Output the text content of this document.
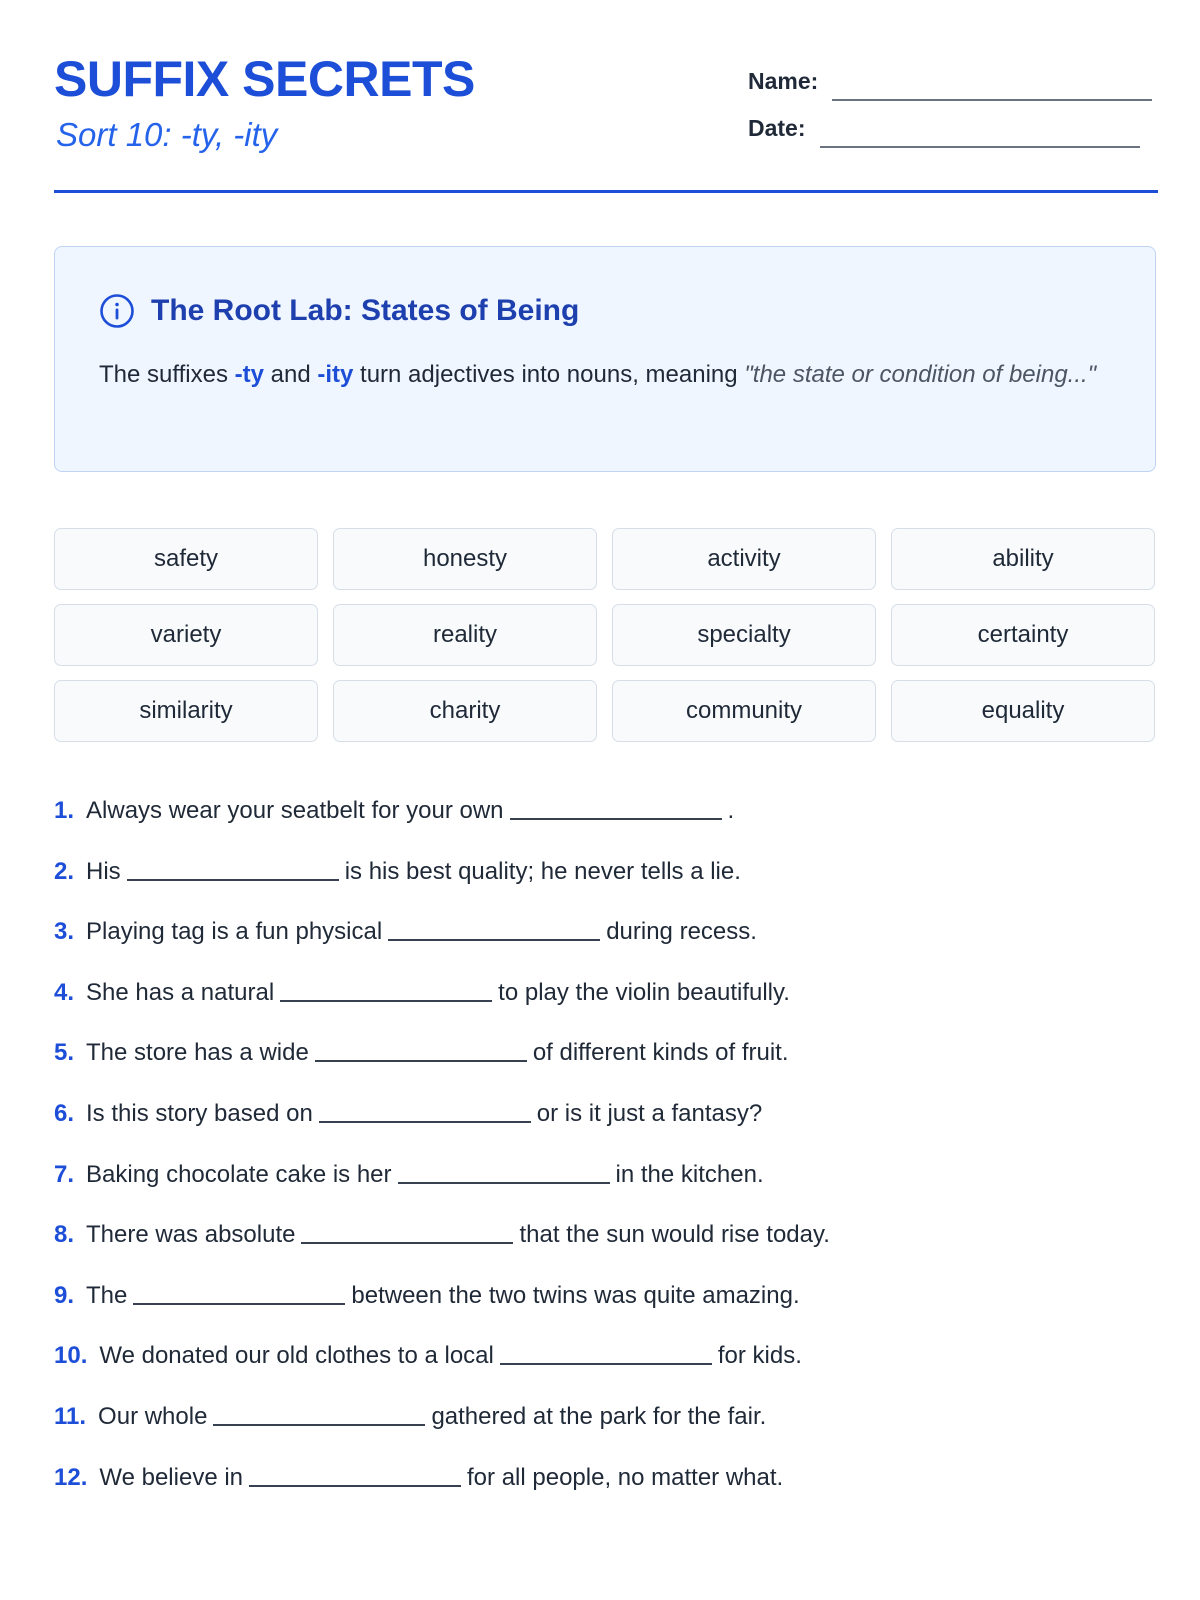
SUFFIX SECRETS
Sort 10: -ty, -ity
Name:
Date:
The Root Lab: States of Being
The suffixes -ty and -ity turn adjectives into nouns, meaning "the state or condition of being..."
safety	honesty	activity	ability
variety	reality	specialty	certainty
similarity	charity	community	equality
1. Always wear your seatbelt for your own	.
2. His	is his best quality; he never tells a lie.
3. Playing tag is a fun physical	during recess.
4. She has a natural	to play the violin beautifully.
5. The store has a wide	of different kinds of fruit.
6. Is this story based on	or is it just a fantasy?
7. Baking chocolate cake is her	in the kitchen.
8. There was absolute	that the sun would rise today.
9. The	between the two twins was quite amazing.
10. We donated our old clothes to a local	for kids.
11. Our whole	gathered at the park for the fair.
12. We believe in	for all people, no matter what.
